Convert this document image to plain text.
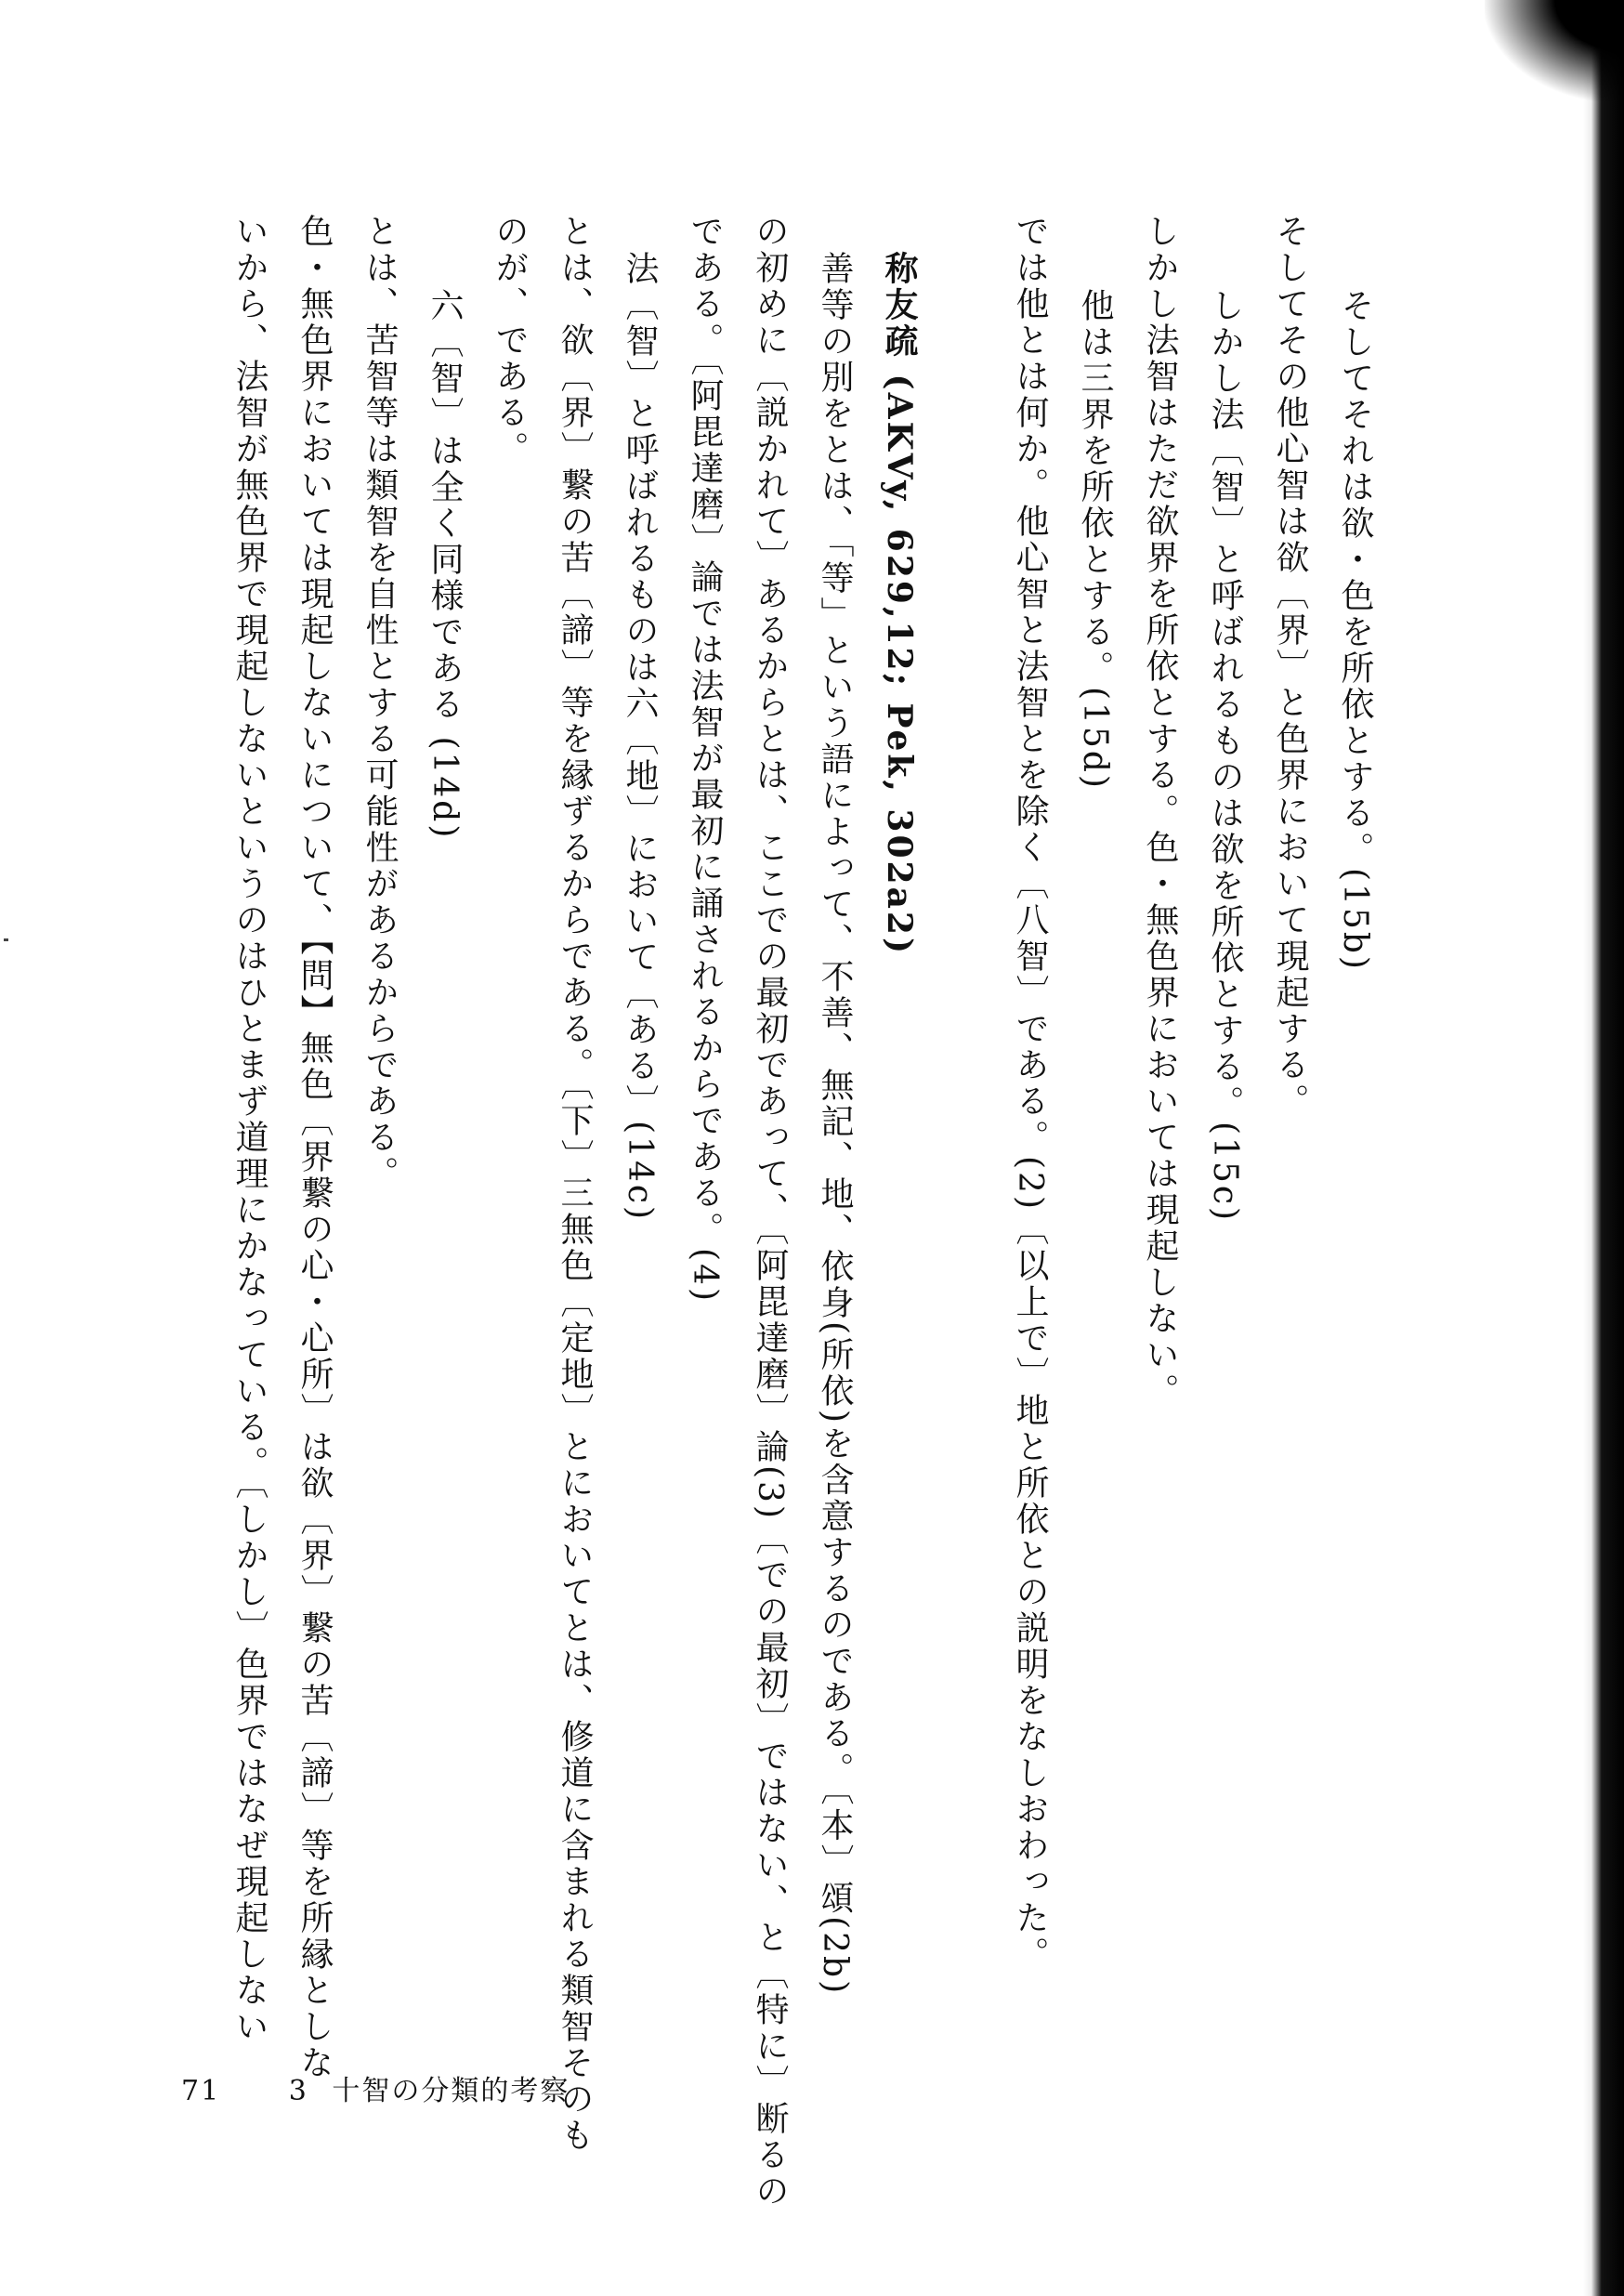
そしてそれは欲・色を所依とする。(15b)
そしてその他心智は欲〔界〕と色界において現起する。
しかし法〔智〕と呼ばれるものは欲を所依とする。(15c)
しかし法智はただ欲界を所依とする。色・無色界においては現起しない。
他は三界を所依とする。(15d)
では他とは何か。他心智と法智とを除く〔八智〕である。(2)〔以上で〕地と所依との説明をなしおわった。
称友疏 (AKVy, 629,12; Pek, 302a2)
善等の別をとは、「等」という語によって、不善、無記、地、依身(所依)を含意するのである。〔本〕頌(2b)
の初めに〔説かれて〕あるからとは、ここでの最初であって、〔阿毘達磨〕論(3)〔での最初〕ではない、と〔特に〕断るの
である。〔阿毘達磨〕論では法智が最初に誦されるからである。(4)
法〔智〕と呼ばれるものは六〔地〕において〔ある〕(14c)
とは、欲〔界〕繋の苦〔諦〕等を縁ずるからである。〔下〕三無色〔定地〕とにおいてとは、修道に含まれる類智そのも
のが、である。
六〔智〕は全く同様である (14d)
とは、苦智等は類智を自性とする可能性があるからである。
色・無色界においては現起しないについて、【問】無色〔界繋の心・心所〕は欲〔界〕繋の苦〔諦〕等を所縁としな
いから、法智が無色界で現起しないというのはひとまず道理にかなっている。〔しかし〕色界ではなぜ現起しない
71 3 十智の分類的考察
